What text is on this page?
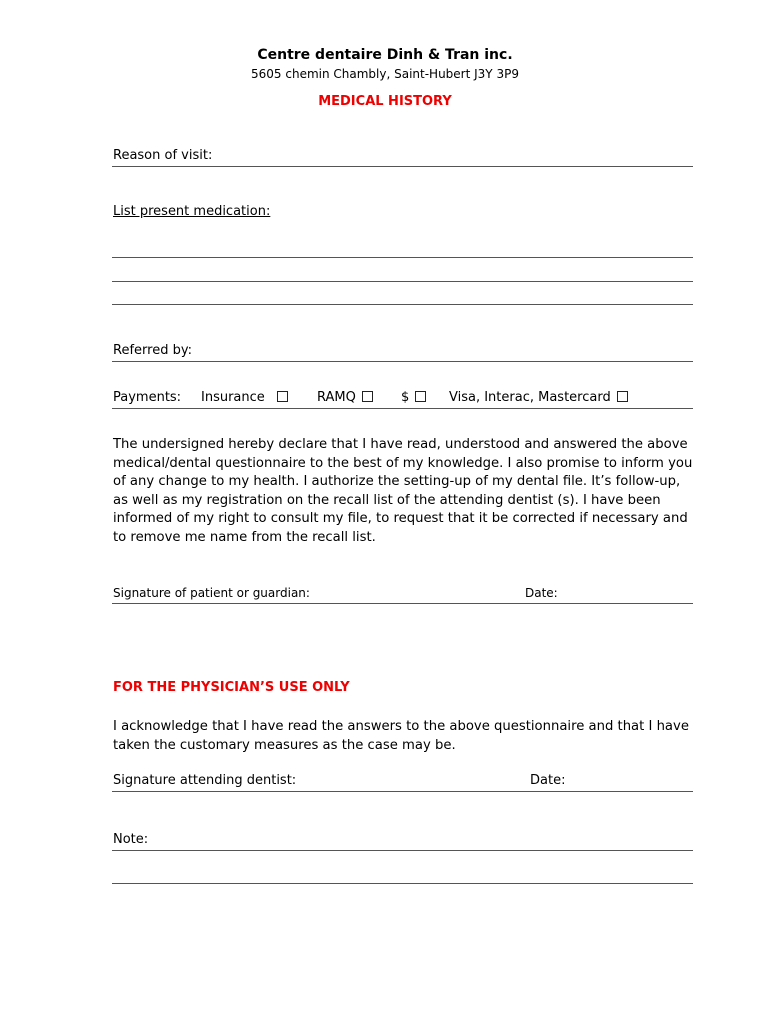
Centre dentaire Dinh & Tran inc.
5605 chemin Chambly, Saint-Hubert J3Y 3P9
MEDICAL HISTORY
Reason of visit:
List present medication:
Referred by:
Payments: Insurance	RAMQ	$	Visa, Interac, Mastercard
The undersigned hereby declare that I have read, understood and answered the above medical/dental questionnaire to the best of my knowledge. I also promise to inform you of any change to my health. I authorize the setting-up of my dental file. It’s follow-up, as well as my registration on the recall list of the attending dentist (s). I have been informed of my right to consult my file, to request that it be corrected if necessary and to remove me name from the recall list.
Signature of patient or guardian:	Date:
FOR THE PHYSICIAN’S USE ONLY
I acknowledge that I have read the answers to the above questionnaire and that I have taken the customary measures as the case may be.
Signature attending dentist:	Date:
Note:
